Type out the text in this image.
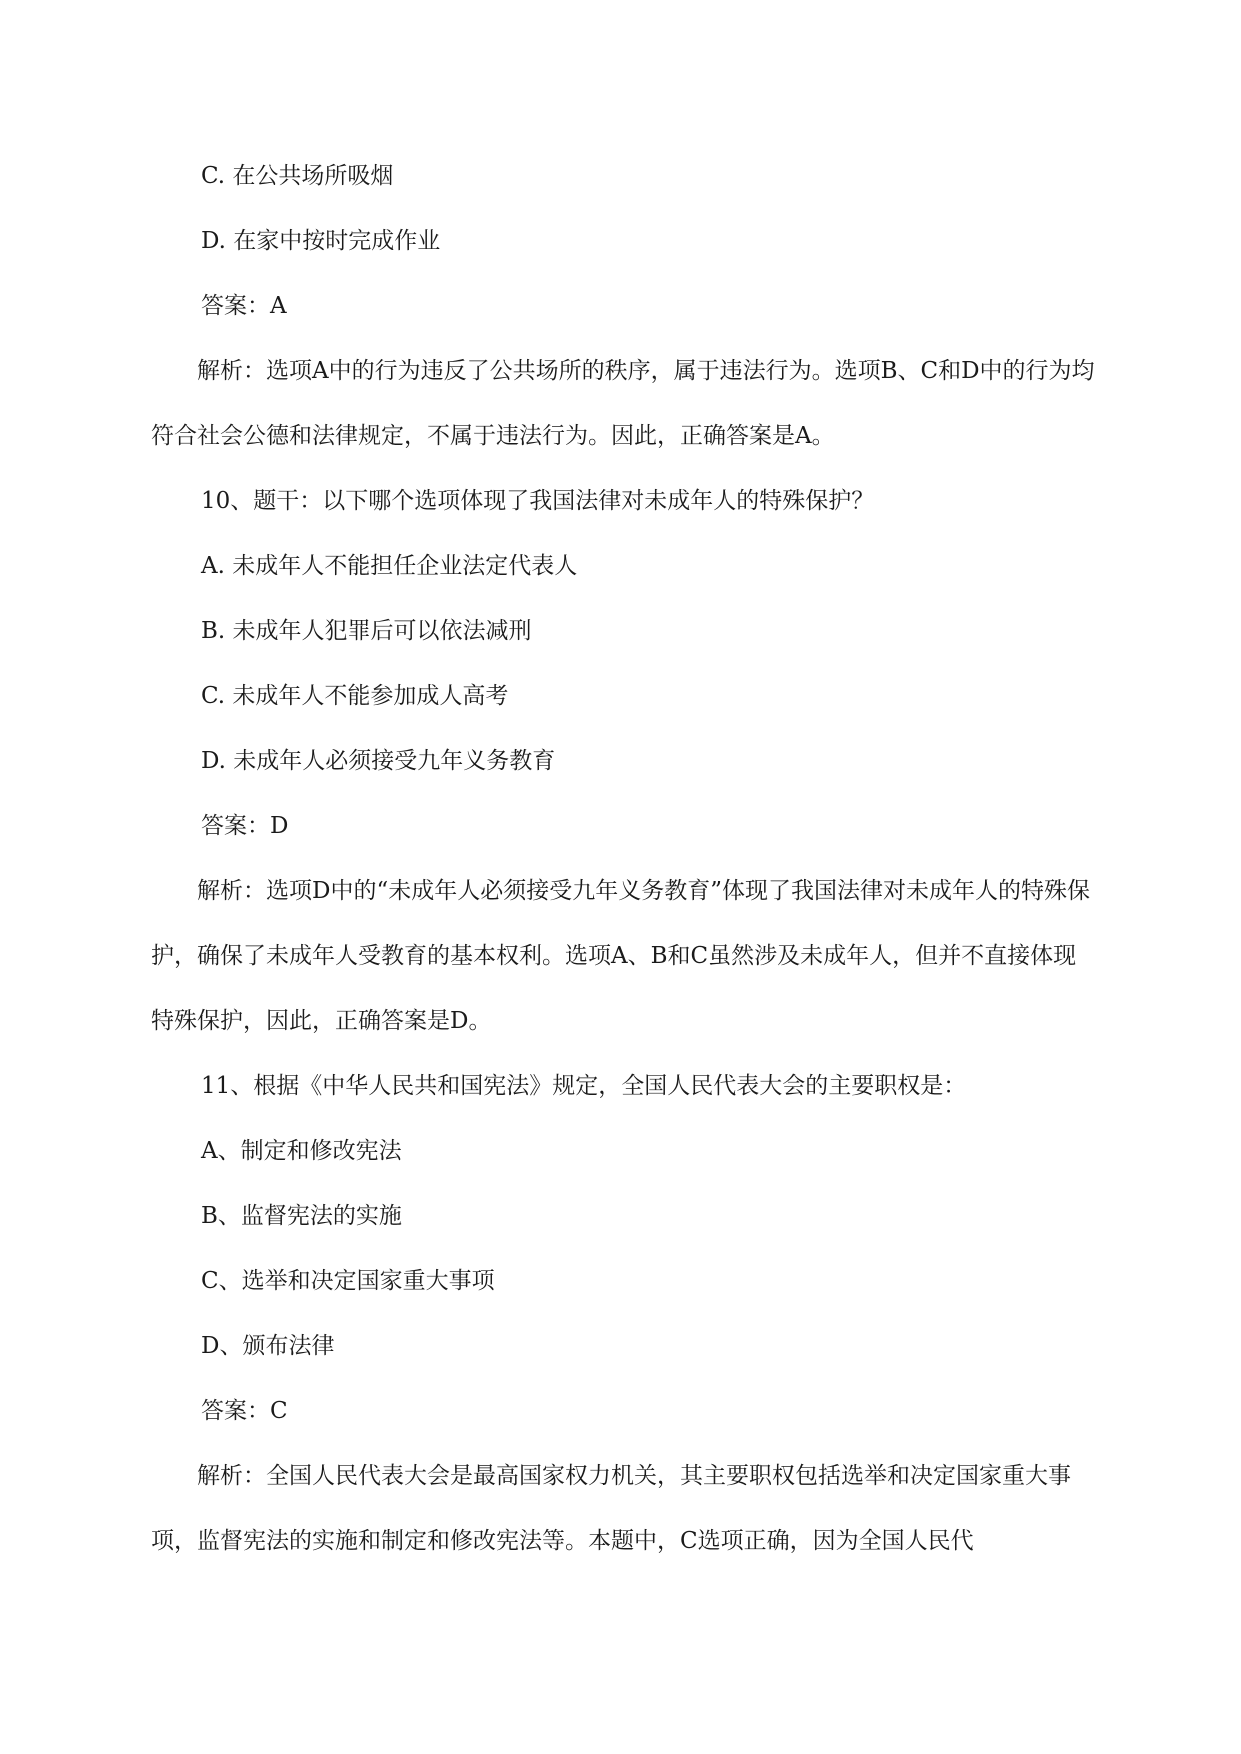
C. 在公共场所吸烟

D. 在家中按时完成作业

答案：A

解析：选项A中的行为违反了公共场所的秩序，属于违法行为。选项B、C和D中的行为均符合社会公德和法律规定，不属于违法行为。因此，正确答案是A。

10、题干：以下哪个选项体现了我国法律对未成年人的特殊保护？

A. 未成年人不能担任企业法定代表人

B. 未成年人犯罪后可以依法减刑

C. 未成年人不能参加成人高考

D. 未成年人必须接受九年义务教育

答案：D

解析：选项D中的“未成年人必须接受九年义务教育”体现了我国法律对未成年人的特殊保护，确保了未成年人受教育的基本权利。选项A、B和C虽然涉及未成年人，但并不直接体现特殊保护，因此，正确答案是D。

11、根据《中华人民共和国宪法》规定，全国人民代表大会的主要职权是：

A、制定和修改宪法

B、监督宪法的实施

C、选举和决定国家重大事项

D、颁布法律

答案：C

解析：全国人民代表大会是最高国家权力机关，其主要职权包括选举和决定国家重大事项，监督宪法的实施和制定和修改宪法等。本题中，C选项正确，因为全国人民代
